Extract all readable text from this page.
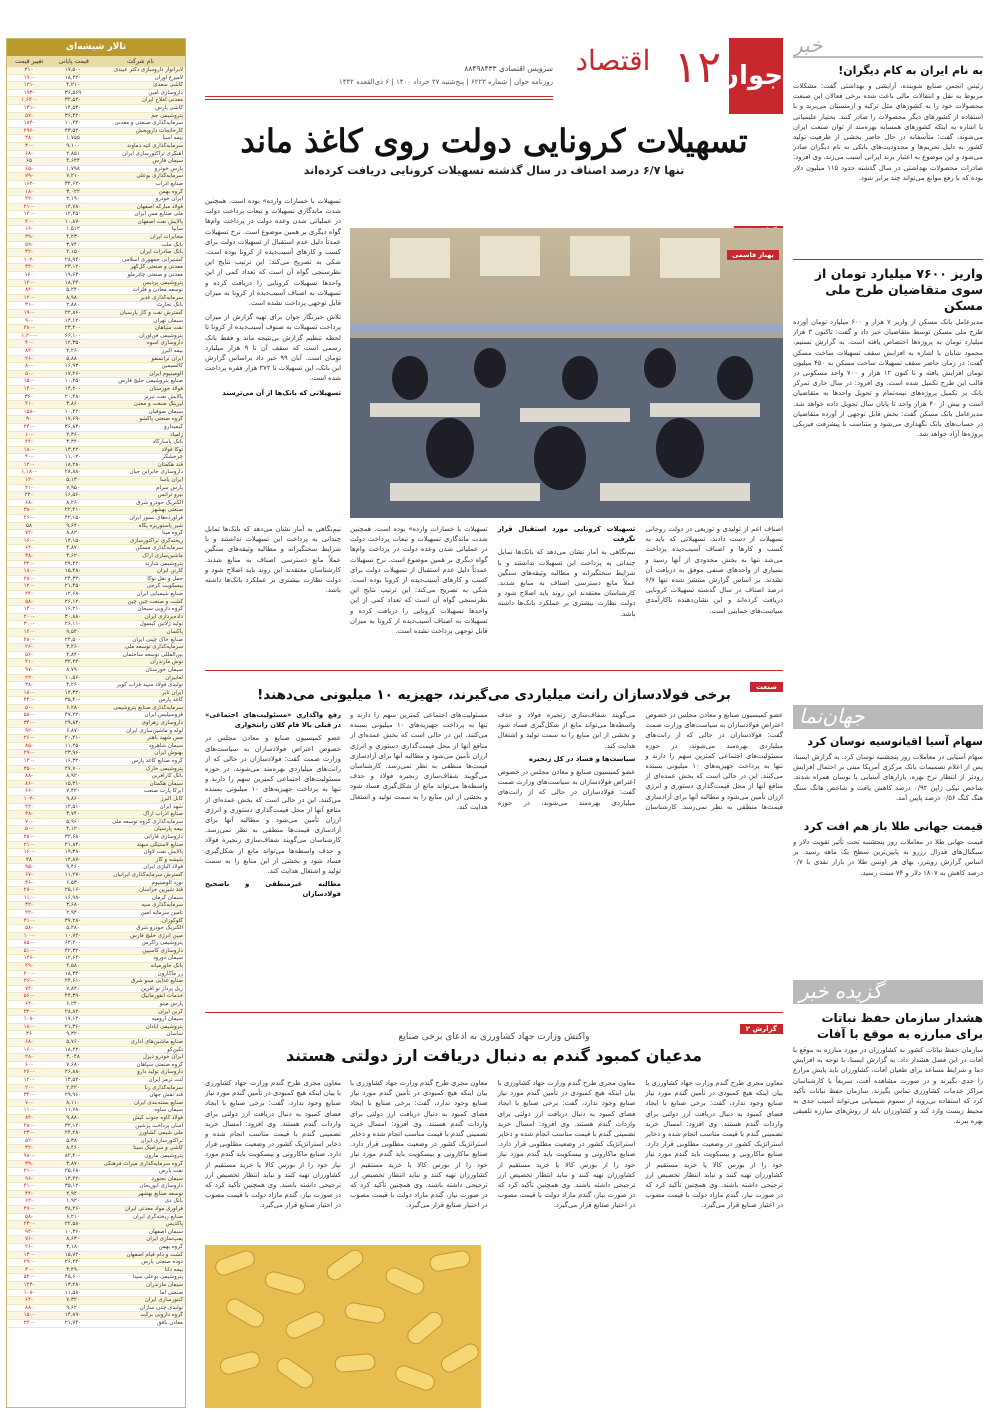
تالار شیشه‌ای
نام شرکت
قیمت پایانی
تغییر قیمت
لابراتوار داروسازی دکتر عبیدی
۱۷,۵۰۰
۲۱۰
لامیرغ آوران
۱۸,۲۲۰
-۱۹۰
کاشی سعدی
۴,۲۱۰
-۱۲۱
داروسازی امین
۳۶,۵۶۹
-۱۹۳
معدنی املاح ایران
۳۲,۵۲۰
-۱,۶۴۰
کاشی پارس
۱۴,۵۳۰
-۱۳۱
پتروشیمی جم
۳۶,۴۲۰
-۵۷
سرمایه‌گذاری صنعتی و معدنی
۱۰,۲۴۰
-۱۸۴
کارخانجات داروپخش
۴۳,۵۲۰
-۲۹۶
بیمه آسیا
۱,۷۵۵
-۳۸
سرمایه‌گذاری آتیه دماوند
۹,۱۰۰
-۳۰
آهنگری تراکتورسازی ایران
۲,۸۵۱
-۶۸
سیمان فارس
۴,۶۴۴
۶۵
پارس خودرو
۱,۷۹۸
-۶۵
سرمایه‌گذاری بوعلی
۷,۲۱۰
-۷۹
صنایع آذرآب
۳۴,۶۲۰
-۱۶۲
گروه بهمن
۳,۰۲۲
-۱۸
ایران خودرو
۲,۱۹۰
-۲۲
فولاد مبارکه اصفهان
۱۴,۷۸۰
-۲۱۰
ملی صنایع مس ایران
۱۲,۴۵۰
-۱۲۰
پالایش نفت اصفهان
۱۰,۸۷۰
-۴۰
سایپا
۱,۵۱۲
-۱۶
مخابرات ایران
۴,۲۳۰
-۳۹
بانک ملت
۳,۷۴۰
-۵۹
بانک صادرات ایران
۲,۱۵۰
-۳۲
کشتیرانی جمهوری اسلامی
۲۸,۹۴۰
-۱۰۲
معدنی و صنعتی گل‌گهر
۲۳,۱۲۰
-۳۴
معدنی و صنعتی چادرملو
۱۹,۶۳۰
۱۶۰
پتروشیمی پردیس
۱۸,۲۴۰
-۱۲۰
توسعه معادن و فلزات
۵,۲۴۰
-۸۴
سرمایه‌گذاری غدیر
۸,۹۸۰
-۱۲۰
بانک تجارت
۲,۸۸۰
-۳۱
گسترش نفت و گاز پارسیان
۲۲,۸۶۰
-۱۹۰
سیمان تهران
۱۴,۱۲۰
-۹۰
نفت سپاهان
۲۳,۴۰۰
-۴۸۰
پتروشیمی فن‌آوران
۶۶,۱۰۰
-۱,۲۰۰
داروسازی اسوه
۱۲,۳۵۰
-۴۰
بیمه البرز
۴,۲۶۰
-۸۴
ایران ترانسفو
۵,۸۸۰
-۲۶
کالسیمین
۱۶,۹۳۰
-۸۰
آلومینیوم ایران
۱۷,۲۶۰
-۵۰
صنایع پتروشیمی خلیج فارس
۱۰,۲۵۰
-۱۵۰
فولاد خوزستان
۱۴,۲۰۰
-۱۴۰
پالایش نفت تبریز
۲۰,۴۸۰
۳۶۰
لیزینگ صنعت و معدن
۳,۸۶۰
-۴۱
سیمان صوفیان
۱۰,۴۲۰
-۱۵۸
گروه صنعتی پاکشو
۱۷,۶۹۰
۹۰
کیمیدارو
۳۶,۸۴۰
-۲۴۰
زامیاد
۲,۳۶۰
-۱۰
بانک پاسارگاد
۳,۳۴۰
-۴۴
توکا فولاد
۱۳,۲۲۰
-۱۸۰
چرخشگر
۱۱,۰۲۰
-۴۰
قند هکمتان
۱۸,۲۸۰
-۱۲۰
داروسازی جابرابن حیان
۲۸,۸۸۰
-۱,۱۸۰
ایران یاسا
۵,۱۳۰
-۱۲
پارس سرام
۷,۹۵۰
-۴۱
نیرو ترانس
۱۶,۵۶۰
۲۲۰
الکتریک خودرو شرق
۸,۲۶۰
-۶۸
صنعتی بهشهر
۲۲,۴۱۰
-۳۸۰
فرآورده‌های نسوز ایران
۴۲,۱۵۰
-۴۶۰
شیر پاستوریزه پگاه
۹,۶۴۰
۵۸
گروه مپنا
۸,۸۲۰
-۷۲
ریخته‌گری تراکتورسازی
۱۲,۱۵۰
-۱۶۰
سرمایه‌گذاری مسکن
۴,۸۷۰
-۶۴
ماشین‌سازی اراک
۳,۶۲۰
-۳۸
پتروشیمی شازند
۲۹,۴۲۰
-۳۲۰
کارتن ایران
۱۵,۴۸۰
-۱۸۰
حمل و نقل توکا
۲۴,۳۲۰
-۲۸۰
بیسکویت گرجی
۲۱,۴۵۰
-۱۲۰
صنایع شیمیایی ایران
۱۲,۶۸۰
-۲۴
کشت و صنعت چین چین
۲۶,۱۲۰
-۵۸
گروه دارویی سبحان
۱۶,۲۱۰
-۱۴۰
داده‌پردازی ایران
۳۰,۸۸۰
-۲۰۰
تولید ژلاتین کپسول
۲۶,۱۱۰
-۳۰۰
پاکسان
۹,۵۴۰
-۱۲۰
صنایع خاک چینی ایران
۲۴,۵۰۰
-۴۸۰
سرمایه‌گذاری توسعه ملی
۳,۴۶۰
-۲۶
بین‌المللی توسعه ساختمان
۴,۸۴۰
-۵۶
نوش مازندران
۳۲,۲۴۰
-۴۱
سیمان خوزستان
۸,۷۹۰
-۹۷
لعابیران
۱۰,۵۶۰
-۲۲
تولیدی فولاد سپید فراب کویر
۴,۲۶۰
-۳۸
ایران تایر
۱۲,۳۲۰
-۱۸۰
کاغذ پارس
۳۵,۴۰۰
-۴۴۰
سرمایه‌گذاری صنایع پتروشیمی
۶,۲۸۰
-۵۰
فروسیلیس ایران
۴۷,۲۲۰
-۵۸۰
داروسازی زهراوی
۲۹,۸۴۰
-۳۴۰
لوله و ماشین‌سازی ایران
۶,۸۷۰
-۹۲
مس شهید باهنر
۲۰,۴۱۰
-۲۶۰
سیمان شاهرود
۱۱,۲۵۰
-۸۵
بهنوش ایران
۲۳,۹۶۰
-۲۹۰
گروه صنایع کاغذ پارس
۱۶,۳۲۰
-۱۴۰
پتروشیمی خارک
۲۷,۷۰۰
-۳۵۰
بانک کارآفرین
۸,۹۲۰
-۸۸
سیمان هگمتان
۱۵,۳۱۰
-۸۶
ایرکا پارت صنعت
۷,۴۲۰
-۶۶
کابل البرز
۹,۸۶۰
-۱۰۲
شهد ایران
۱۲,۵۱۰
-۴۲
صنایع آذرآب اراک
۳,۷۴۰
-۳۸
سرمایه‌گذاری گروه توسعه ملی
۵,۹۶۰
-۷۰
بیمه پارسیان
۴,۱۲۰
-۵۰
داروسازی فارابی
۳۲,۶۸۰
-۲۸۰
صنایع لاستیکی سهند
۲۱,۸۴۰
-۲۱۰
پالایش نفت لاوان
۱۹,۳۸۰
-۱۶۰
شیشه و گاز
۱۴,۸۷۰
۴۸
فولاد آلیاژی ایران
۹,۴۶۰
-۹۵
گسترش سرمایه‌گذاری ایرانیان
۱۱,۲۷۰
-۶۷
نورد آلومینیوم
۶,۵۳۰
-۳۶
قند شیرین خراسان
۲۵,۱۶۰
-۲۸۰
سیمان کرمان
۱۶,۹۸۰
-۱۱۰
سرمایه‌گذاری سپه
۳,۶۸۰
-۳۲
تامین سرمایه امین
۲,۹۴۰
-۲۲
گلوکوزان
۳۷,۲۸۰
-۴۱۰
الکتریک خودرو شرق
۵,۴۸۰
-۵۸
مبین انرژی خلیج فارس
۱۰,۷۲۰
-۱۰۰
پتروشیمی زاگرس
۶۴,۲۰۰
-۸۵۰
داروسازی کاسپین
۴۲,۳۲۰
-۵۱۰
سیمان دورود
۱۲,۶۴۰
-۱۴۶
بانک خاورمیانه
۴,۵۸۰
-۴۹
زر ماکارون
۱۸,۳۴۰
-۲۰۰
صنایع غذایی مینو شرق
۲۴,۶۱۰
-۲۶۰
ریل پرداز نو آفرین
۷,۸۴۰
-۷۴
خدمات انفورماتیک
۴۴,۳۹۰
-۵۶۰
پارس مینو
۶,۲۴۰
-۶۴
کربن ایران
۲۸,۸۲۰
-۳۲۰
سیمان ارومیه
۱۷,۱۴۰
-۱۰۸
پتروشیمی آبادان
۲۱,۳۶۰
-۱۸۰
ساسان
۹,۳۲۰
۴۶
صنایع ماشین‌های اداری
۵,۷۶۰
-۶۸
تکین‌کو
۱۸,۴۲۰
-۱۶۰
ایران خودرو دیزل
۳,۰۴۸
-۲۸
گروه صنعتی سپاهان
۷,۶۸۰
-۶۰
داروسازی تولید دارو
۲۶,۸۸۰
-۲۶۰
لنت ترمز ایران
۱۳,۵۲۰
-۱۲۰
سرمایه‌گذاری رنا
۲,۴۲۰
-۲۰
قند نقش جهان
۲۹,۹۶۰
-۳۴۰
صنایع بسته‌بندی ایران
۸,۱۱۰
-۷۰
سیمان ساوه
۱۱,۷۸۰
-۱۱۰
فولاد کاوه جنوب کیش
۹,۸۸۰
-۸۴
آسان پرداخت پرشین
۳۲,۱۲۰
-۲۸۰
ملی شیمی کشاورز
۲۴,۲۸۰
-۲۳۰
تراکتورسازی ایران
۵,۳۸۰
-۵۲
کاشی و سرامیک سینا
۸,۴۶۰
-۳۲
پتروشیمی مارون
۸۲,۴۰۰
-۹۸۰
گروه سرمایه‌گذاری میراث فرهنگی
۳,۸۷۰
-۳۹
نفت پارس
۲۵,۶۸۰
-۲۱۰
سیمان بجنورد
۱۴,۴۲۰
-۹۶
داروسازی ابوریحان
۳۵,۱۲۰
-۴۱۰
توسعه صنایع بهشهر
۴,۹۴۰
-۴۴
بانک دی
۱,۹۲۰
-۱۲
فرآوری مواد معدنی ایران
۳۸,۴۶۰
-۴۷۰
صنایع ریخته‌گری ایران
۶,۲۱۰
-۵۸
پاکدیس
۲۲,۵۸۰
-۲۳۰
سیمان اصفهان
۱۰,۳۶۰
-۹۴
پمپ‌سازی ایران
۸,۶۳۰
-۷۶
گروه بهمن
۳,۱۸۰
-۲۶
کشت و دام قیام اصفهان
۱۵,۷۲۰
-۱۳۰
دوده صنعتی پارس
۲۶,۲۴۰
-۲۹۰
بیمه دانا
۳,۴۹۰
-۳۰
پتروشیمی بوعلی سینا
۴۵,۶۰۰
-۵۲۰
سیمان مازندران
۱۳,۲۸۰
-۱۲۴
صنعتی آما
۱۱,۵۸۰
-۱۰۸
کنتورسازی ایران
۷,۳۲۰
-۶۴
تولیدی چدن سازان
۹,۶۲۰
-۸۸
گروه دارویی برکت
۱۴,۸۹۰
-۱۵۰
معادن بافق
۲۱,۷۴۰
-۲۲۰
جوان
۱۲
اقتصاد
سرویس اقتصادی ۸۸۴۹۸۴۳۳
روزنامه جوان | شماره ۶۲۲۳ | پنج‌شنبه ۲۷ خرداد ۱۴۰۰ | ۶ ذی‌القعده ۱۴۴۲
تسهیلات کرونایی دولت روی کاغذ ماند
تنها ۶/۷ درصد اصناف در سال گذشته تسهیلات کرونایی دریافت کرده‌اند
بهناز قاسمی

تسهیلات با خسارات وارده» بوده است. همچنین شدت ماندگاری تسهیلات و تبعات پرداخت دولت در عملیاتی شدن وعده دولت در پرداخت وام‌ها گواه دیگری بر همین موضوع است. نرخ تسهیلات عمدتاً دلیل عدم استقبال از تسهیلات دولت برای کسب و کارهای آسیب‌دیده از کرونا بوده است. شکی به تصریح می‌کند: این ترتیب نتایج این نظرسنجی گواه آن است که تعداد کمی از این واحدها تسهیلات کرونایی را دریافت کرده و تسهیلات به اصناف آسیب‌دیده از کرونا به میزان قابل توجهی پرداخت نشده است.

تلاش خبرنگار جوان برای تهیه گزارش از میزان پرداخت تسهیلات به صنوف آسیب‌دیده از کرونا تا لحظه تنظیم گزارش بی‌نتیجه ماند و فقط بانک رسمی است که سقف آن تا ۹ هزار میلیارد تومان است. آبان ۹۹ خبر داد براساس گزارش این بانک، این تسهیلات تا ۳۷۲ هزار فقره پرداخت شده است.

تسهیلاتی که بانک‌ها از آن می‌ترسند

اصناف اعم از تولیدی و توزیعی در دولت روحانی تسهیلات از دست دادند. تسهیلاتی که باید به کسب و کارها و اصناف آسیب‌دیده پرداخت می‌شد تنها به بخش محدودی از آنها رسید و بسیاری از واحدهای صنفی موفق به دریافت آن نشدند. بر اساس گزارش منتشر شده تنها ۶/۷ درصد اصناف در سال گذشته تسهیلات کرونایی دریافت کرده‌اند و این نشان‌دهنده ناکارآمدی سیاست‌های حمایتی است.

تسهیلات کرونایی مورد استقبال قرار نگرفت

نیم‌نگاهی به آمار نشان می‌دهد که بانک‌ها تمایل چندانی به پرداخت این تسهیلات نداشتند و با شرایط سختگیرانه و مطالبه وثیقه‌های سنگین عملاً مانع دسترسی اصناف به منابع شدند. کارشناسان معتقدند این روند باید اصلاح شود و دولت نظارت بیشتری بر عملکرد بانک‌ها داشته باشد.

تسهیلات با خسارات وارده» بوده است. همچنین شدت ماندگاری تسهیلات و تبعات پرداخت دولت در عملیاتی شدن وعده دولت در پرداخت وام‌ها گواه دیگری بر همین موضوع است. نرخ تسهیلات عمدتاً دلیل عدم استقبال از تسهیلات دولت برای کسب و کارهای آسیب‌دیده از کرونا بوده است. شکی به تصریح می‌کند: این ترتیب نتایج این نظرسنجی گواه آن است که تعداد کمی از این واحدها تسهیلات کرونایی را دریافت کرده و تسهیلات به اصناف آسیب‌دیده از کرونا به میزان قابل توجهی پرداخت نشده است.

نیم‌نگاهی به آمار نشان می‌دهد که بانک‌ها تمایل چندانی به پرداخت این تسهیلات نداشتند و با شرایط سختگیرانه و مطالبه وثیقه‌های سنگین عملاً مانع دسترسی اصناف به منابع شدند. کارشناسان معتقدند این روند باید اصلاح شود و دولت نظارت بیشتری بر عملکرد بانک‌ها داشته باشد.

صنعت
برخی فولادسازان رانت میلیاردی می‌گیرند، جهیزیه ۱۰ میلیونی می‌دهند!

عضو کمیسیون صنایع و معادن مجلس در خصوص اعتراض فولادسازان به سیاست‌های وزارت صمت گفت: فولادسازان در حالی که از رانت‌های میلیاردی بهره‌مند می‌شوند، در حوزه مسئولیت‌های اجتماعی کمترین سهم را دارند و تنها به پرداخت جهیزیه‌های ۱۰ میلیونی بسنده می‌کنند. این در حالی است که بخش عمده‌ای از منافع آنها از محل قیمت‌گذاری دستوری و انرژی ارزان تأمین می‌شود و مطالبه آنها برای آزادسازی قیمت‌ها منطقی به نظر نمی‌رسد. کارشناسان می‌گویند شفاف‌سازی زنجیره فولاد و حذف واسطه‌ها می‌تواند مانع از شکل‌گیری فساد شود و بخشی از این منابع را به سمت تولید و اشتغال هدایت کند.

سیاست‌ها و فساد در کل زنجیره

عضو کمیسیون صنایع و معادن مجلس در خصوص اعتراض فولادسازان به سیاست‌های وزارت صمت گفت: فولادسازان در حالی که از رانت‌های میلیاردی بهره‌مند می‌شوند، در حوزه مسئولیت‌های اجتماعی کمترین سهم را دارند و تنها به پرداخت جهیزیه‌های ۱۰ میلیونی بسنده می‌کنند. این در حالی است که بخش عمده‌ای از منافع آنها از محل قیمت‌گذاری دستوری و انرژی ارزان تأمین می‌شود و مطالبه آنها برای آزادسازی قیمت‌ها منطقی به نظر نمی‌رسد. کارشناسان می‌گویند شفاف‌سازی زنجیره فولاد و حذف واسطه‌ها می‌تواند مانع از شکل‌گیری فساد شود و بخشی از این منابع را به سمت تولید و اشتغال هدایت کند.

رفع واگذاری «مسئولیت‌های اجتماعی» در قبلی بالا فام کلان رانتخواری

عضو کمیسیون صنایع و معادن مجلس در خصوص اعتراض فولادسازان به سیاست‌های وزارت صمت گفت: فولادسازان در حالی که از رانت‌های میلیاردی بهره‌مند می‌شوند، در حوزه مسئولیت‌های اجتماعی کمترین سهم را دارند و تنها به پرداخت جهیزیه‌های ۱۰ میلیونی بسنده می‌کنند. این در حالی است که بخش عمده‌ای از منافع آنها از محل قیمت‌گذاری دستوری و انرژی ارزان تأمین می‌شود و مطالبه آنها برای آزادسازی قیمت‌ها منطقی به نظر نمی‌رسد. کارشناسان می‌گویند شفاف‌سازی زنجیره فولاد و حذف واسطه‌ها می‌تواند مانع از شکل‌گیری فساد شود و بخشی از این منابع را به سمت تولید و اشتغال هدایت کند.

مطالبه غیرمنطقی و ناصحیح فولادسازان

گزارش ۲
واکنش وزارت جهاد کشاورزی به ادعای برخی صنایع
مدعیان کمبود گندم به دنبال دریافت ارز دولتی هستند

معاون مجری طرح گندم وزارت جهاد کشاورزی با بیان اینکه هیچ کمبودی در تأمین گندم مورد نیاز صنایع وجود ندارد، گفت: برخی صنایع با ایجاد فضای کمبود به دنبال دریافت ارز دولتی برای واردات گندم هستند. وی افزود: امسال خرید تضمینی گندم با قیمت مناسب انجام شده و ذخایر استراتژیک کشور در وضعیت مطلوبی قرار دارد. صنایع ماکارونی و بیسکویت باید گندم مورد نیاز خود را از بورس کالا یا خرید مستقیم از کشاورزان تهیه کنند و نباید انتظار تخصیص ارز ترجیحی داشته باشند. وی همچنین تأکید کرد که در صورت نیاز، گندم مازاد دولت با قیمت مصوب در اختیار صنایع قرار می‌گیرد.

معاون مجری طرح گندم وزارت جهاد کشاورزی با بیان اینکه هیچ کمبودی در تأمین گندم مورد نیاز صنایع وجود ندارد، گفت: برخی صنایع با ایجاد فضای کمبود به دنبال دریافت ارز دولتی برای واردات گندم هستند. وی افزود: امسال خرید تضمینی گندم با قیمت مناسب انجام شده و ذخایر استراتژیک کشور در وضعیت مطلوبی قرار دارد. صنایع ماکارونی و بیسکویت باید گندم مورد نیاز خود را از بورس کالا یا خرید مستقیم از کشاورزان تهیه کنند و نباید انتظار تخصیص ارز ترجیحی داشته باشند. وی همچنین تأکید کرد که در صورت نیاز، گندم مازاد دولت با قیمت مصوب در اختیار صنایع قرار می‌گیرد.

معاون مجری طرح گندم وزارت جهاد کشاورزی با بیان اینکه هیچ کمبودی در تأمین گندم مورد نیاز صنایع وجود ندارد، گفت: برخی صنایع با ایجاد فضای کمبود به دنبال دریافت ارز دولتی برای واردات گندم هستند. وی افزود: امسال خرید تضمینی گندم با قیمت مناسب انجام شده و ذخایر استراتژیک کشور در وضعیت مطلوبی قرار دارد. صنایع ماکارونی و بیسکویت باید گندم مورد نیاز خود را از بورس کالا یا خرید مستقیم از کشاورزان تهیه کنند و نباید انتظار تخصیص ارز ترجیحی داشته باشند. وی همچنین تأکید کرد که در صورت نیاز، گندم مازاد دولت با قیمت مصوب در اختیار صنایع قرار می‌گیرد.

معاون مجری طرح گندم وزارت جهاد کشاورزی با بیان اینکه هیچ کمبودی در تأمین گندم مورد نیاز صنایع وجود ندارد، گفت: برخی صنایع با ایجاد فضای کمبود به دنبال دریافت ارز دولتی برای واردات گندم هستند. وی افزود: امسال خرید تضمینی گندم با قیمت مناسب انجام شده و ذخایر استراتژیک کشور در وضعیت مطلوبی قرار دارد. صنایع ماکارونی و بیسکویت باید گندم مورد نیاز خود را از بورس کالا یا خرید مستقیم از کشاورزان تهیه کنند و نباید انتظار تخصیص ارز ترجیحی داشته باشند. وی همچنین تأکید کرد که در صورت نیاز، گندم مازاد دولت با قیمت مصوب در اختیار صنایع قرار می‌گیرد.

خبر
به نام ایران به کام دیگران!
رئیس انجمن صنایع شوینده، آرایشی و بهداشتی گفت: مشکلات مربوط به نقل و انتقالات مالی باعث شده برخی فعالان این صنعت محصولات خود را به کشورهای مثل ترکیه و ارمنستان می‌برند و با استفاده از کشورهای دیگر محصولات را صادر کنند. بختیار علیمیانی با اشاره به اینکه کشورهای همسایه بهره‌مند از توان صنعت ایران می‌شوند، گفت: متأسفانه در حال حاضر بخشی از ظرفیت تولید کشور به دلیل تحریم‌ها و محدودیت‌های بانکی به نام دیگران صادر می‌شود و این موضوع به اعتبار برند ایرانی آسیب می‌زند. وی افزود: صادرات محصولات بهداشتی در سال گذشته حدود ۱۱۵ میلیون دلار بوده که با رفع موانع می‌تواند چند برابر شود.
واریز ۷۶۰۰ میلیارد تومان از سوی متقاضیان طرح ملی مسکن
مدیرعامل بانک مسکن از واریز ۷ هزار و ۶۰۰ میلیارد تومان آورده طرح ملی مسکن توسط متقاضیان خبر داد و گفت: تاکنون ۳ هزار میلیارد تومان به پروژه‌ها اختصاص یافته است. به گزارش تسنیم، محمود شایان با اشاره به افزایش سقف تسهیلات ساخت مسکن گفت: در زمان حاضر سقف تسهیلات ساخت مسکن به ۴۵۰ میلیون تومان افزایش یافته و تا کنون ۱۲ هزار و ۷۰۰ واحد مسکونی در قالب این طرح تکمیل شده است. وی افزود: در سال جاری تمرکز بانک بر تکمیل پروژه‌های نیمه‌تمام و تحویل واحدها به متقاضیان است و بیش از ۴۰ هزار واحد تا پایان سال تحویل داده خواهد شد. مدیرعامل بانک مسکن گفت: بخش قابل توجهی از آورده متقاضیان در حساب‌های بانک نگهداری می‌شود و متناسب با پیشرفت فیزیکی پروژه‌ها آزاد خواهد شد.
جهان‌نما
سهام آسیا اقیانوسیه نوسان کرد
سهام آسیایی در معاملات روز پنجشنبه نوسان کرد. به گزارش ایسنا، پس از اعلام تصمیمات بانک مرکزی آمریکا مبنی بر احتمال افزایش زودتر از انتظار نرخ بهره، بازارهای آسیایی با نوسان همراه شدند. شاخص نیکی ژاپن ۰/۹۲ درصد کاهش یافت و شاخص هانگ سنگ هنگ کنگ ۰/۵۶ درصد پایین آمد.
قیمت جهانی طلا باز هم افت کرد
قیمت جهانی طلا در معاملات روز پنجشنبه تحت تأثیر تقویت دلار و سیگنال‌های فدرال رزرو به پایین‌ترین سطح یک ماهه رسید. بر اساس گزارش رویترز، بهای هر اونس طلا در بازار نقدی با ۰/۷ درصد کاهش به ۱۸۰۷ دلار و ۷۴ سنت رسید.
گزیده خبر
هشدار سازمان حفظ نباتات برای مبارزه به موقع با آفات
سازمان حفظ نباتات کشور به کشاورزان در مورد مبارزه به موقع با آفات در این فصل هشدار داد. به گزارش ایسنا، با توجه به افزایش دما و شرایط مساعد برای طغیان آفات، کشاورزان باید پایش مزارع را جدی بگیرند و در صورت مشاهده آفت، سریعاً با کارشناسان مراکز خدمات کشاورزی تماس بگیرند. سازمان حفظ نباتات تأکید کرد که استفاده بی‌رویه از سموم شیمیایی می‌تواند آسیب جدی به محیط زیست وارد کند و کشاورزان باید از روش‌های مبارزه تلفیقی بهره ببرند.
